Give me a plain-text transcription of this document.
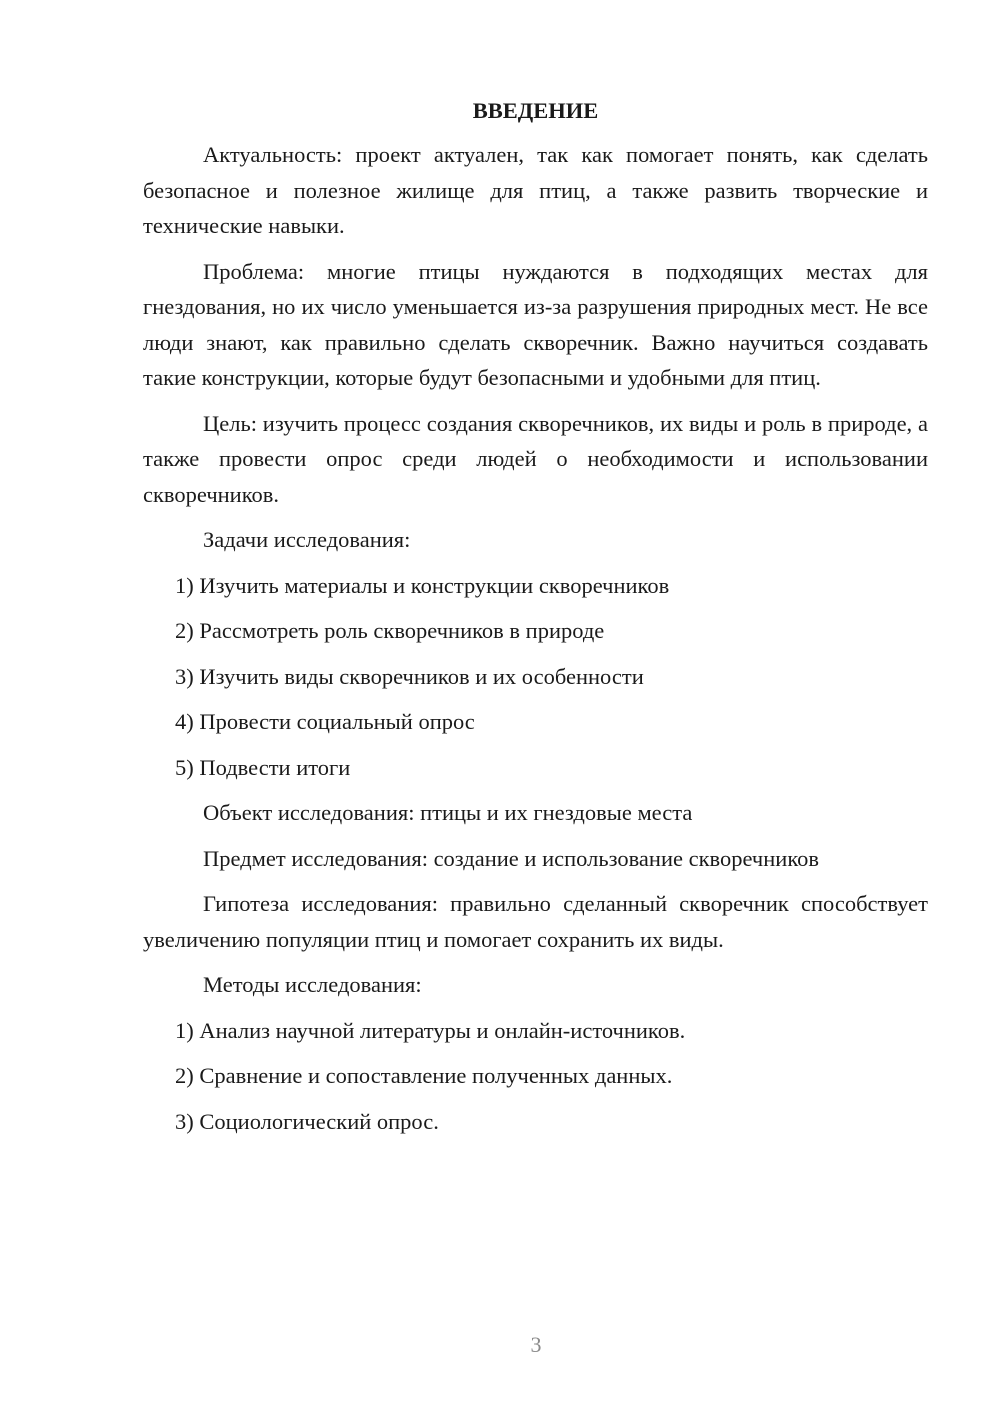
ВВЕДЕНИЕ

Актуальность: проект актуален, так как помогает понять, как сделать безопасное и полезное жилище для птиц, а также развить творческие и технические навыки.

Проблема: многие птицы нуждаются в подходящих местах для гнездования, но их число уменьшается из-за разрушения природных мест. Не все люди знают, как правильно сделать скворечник. Важно научиться создавать такие конструкции, которые будут безопасными и удобными для птиц.

Цель: изучить процесс создания скворечников, их виды и роль в природе, а также провести опрос среди людей о необходимости и использовании скворечников.

Задачи исследования:

1) Изучить материалы и конструкции скворечников
2) Рассмотреть роль скворечников в природе
3) Изучить виды скворечников и их особенности
4) Провести социальный опрос
5) Подвести итоги

Объект исследования: птицы и их гнездовые места

Предмет исследования: создание и использование скворечников

Гипотеза исследования: правильно сделанный скворечник способствует увеличению популяции птиц и помогает сохранить их виды.

Методы исследования:

1) Анализ научной литературы и онлайн-источников.
2) Сравнение и сопоставление полученных данных.
3) Социологический опрос.
3
